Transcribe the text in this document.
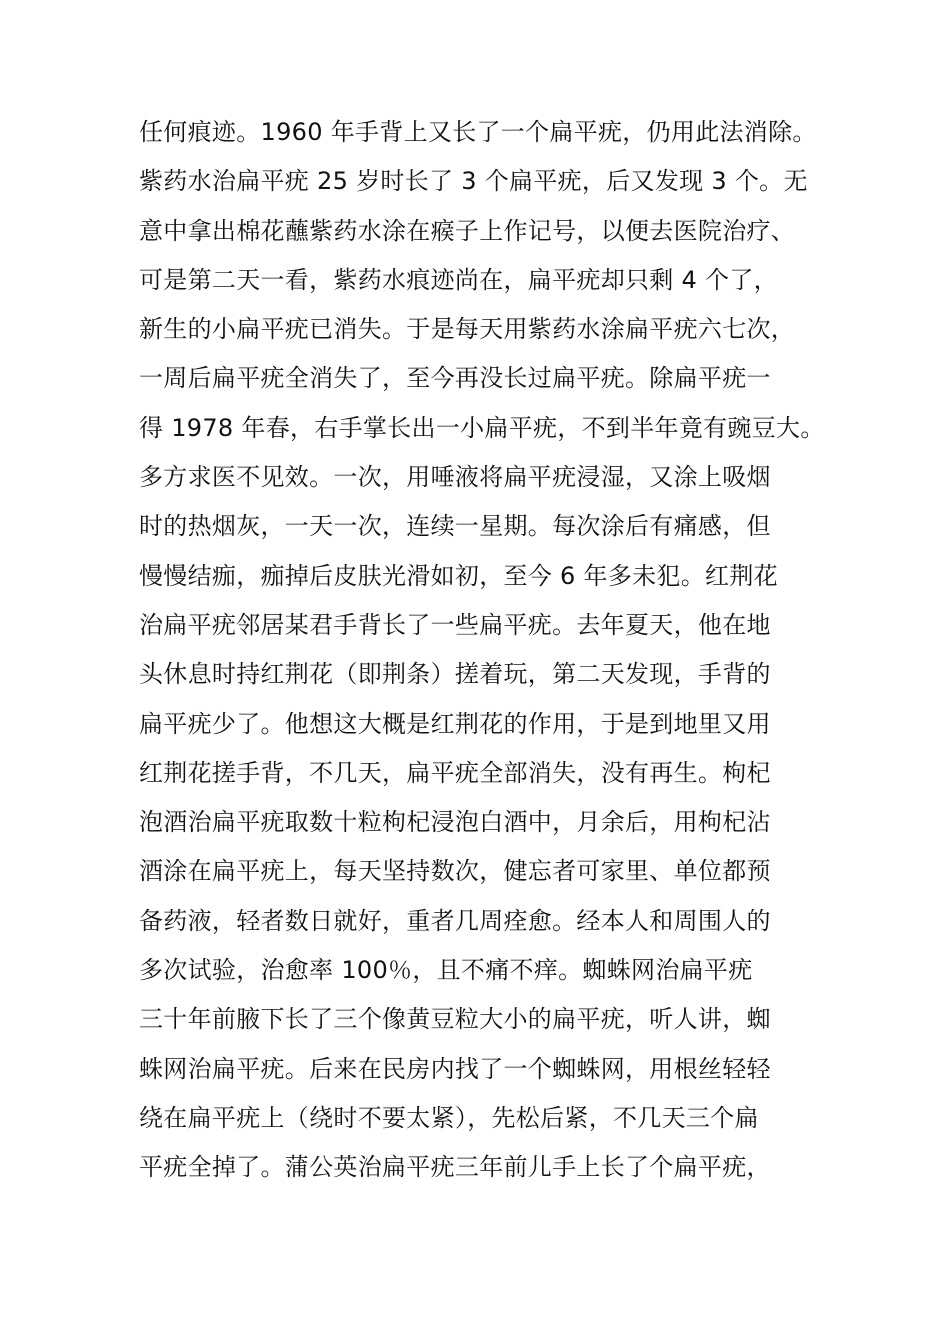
任何痕迹。1960 年手背上又长了一个扁平疣，仍用此法消除。
紫药水治扁平疣 25 岁时长了 3 个扁平疣，后又发现 3 个。无
意中拿出棉花蘸紫药水涂在瘊子上作记号，以便去医院治疗、
可是第二天一看，紫药水痕迹尚在，扁平疣却只剩 4 个了，
新生的小扁平疣已消失。于是每天用紫药水涂扁平疣六七次，
一周后扁平疣全消失了，至今再没长过扁平疣。除扁平疣一
得 1978 年春，右手掌长出一小扁平疣，不到半年竟有豌豆大。
多方求医不见效。一次，用唾液将扁平疣浸湿，又涂上吸烟
时的热烟灰，一天一次，连续一星期。每次涂后有痛感，但
慢慢结痂，痂掉后皮肤光滑如初，至今 6 年多未犯。红荆花
治扁平疣邻居某君手背长了一些扁平疣。去年夏天，他在地
头休息时持红荆花（即荆条）搓着玩，第二天发现，手背的
扁平疣少了。他想这大概是红荆花的作用，于是到地里又用
红荆花搓手背，不几天，扁平疣全部消失，没有再生。枸杞
泡酒治扁平疣取数十粒枸杞浸泡白酒中，月余后，用枸杞沾
酒涂在扁平疣上，每天坚持数次，健忘者可家里、单位都预
备药液，轻者数日就好，重者几周痊愈。经本人和周围人的
多次试验，治愈率 100％，且不痛不痒。蜘蛛网治扁平疣
三十年前腋下长了三个像黄豆粒大小的扁平疣，听人讲，蜘
蛛网治扁平疣。后来在民房内找了一个蜘蛛网，用根丝轻轻
绕在扁平疣上（绕时不要太紧），先松后紧，不几天三个扁
平疣全掉了。蒲公英治扁平疣三年前儿手上长了个扁平疣，
